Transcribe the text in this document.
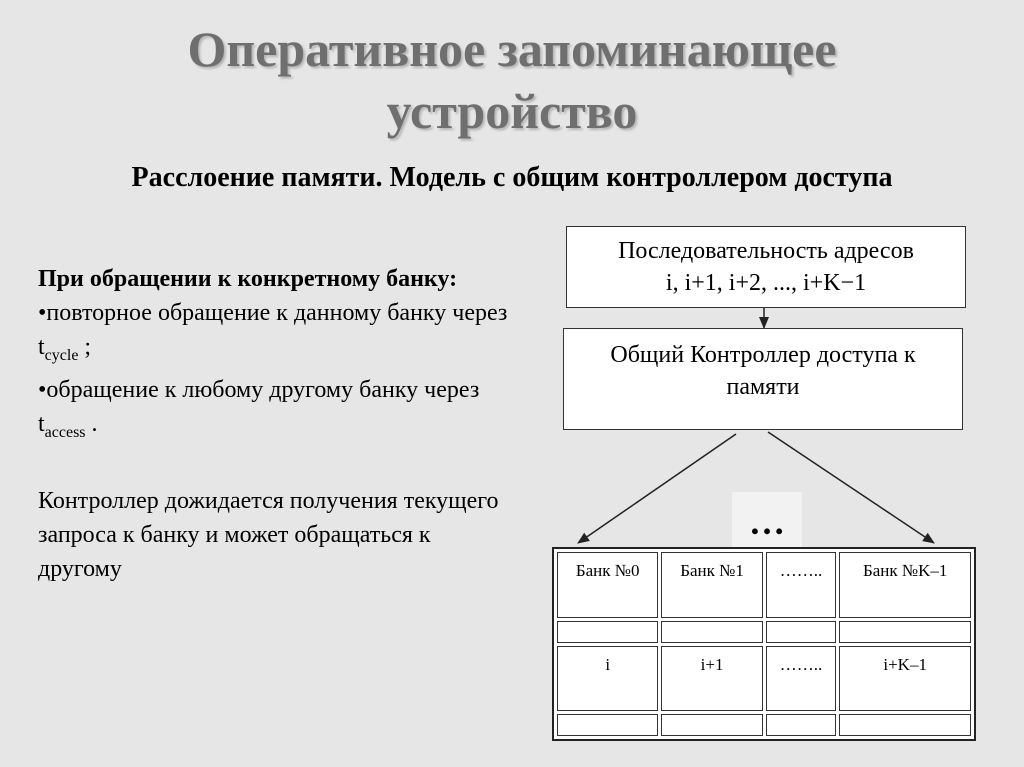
Оперативное запоминающее
устройство
Расслоение памяти. Модель с общим контроллером доступа
При обращении к конкретному банку:
•повторное обращение к данному банку через $t_{cycle}$ ;
•обращение к любому другому банку через $t_{access}$ .
Контроллер дожидается получения текущего запроса к банку и может обращаться к другому
Последовательность адресов
i, i+1, i+2, ..., i+K−1
Общий Контроллер доступа к
памяти
…
Банк №0	Банк №1	……..	Банк №K–1

i	i+1	……..	i+K–1
